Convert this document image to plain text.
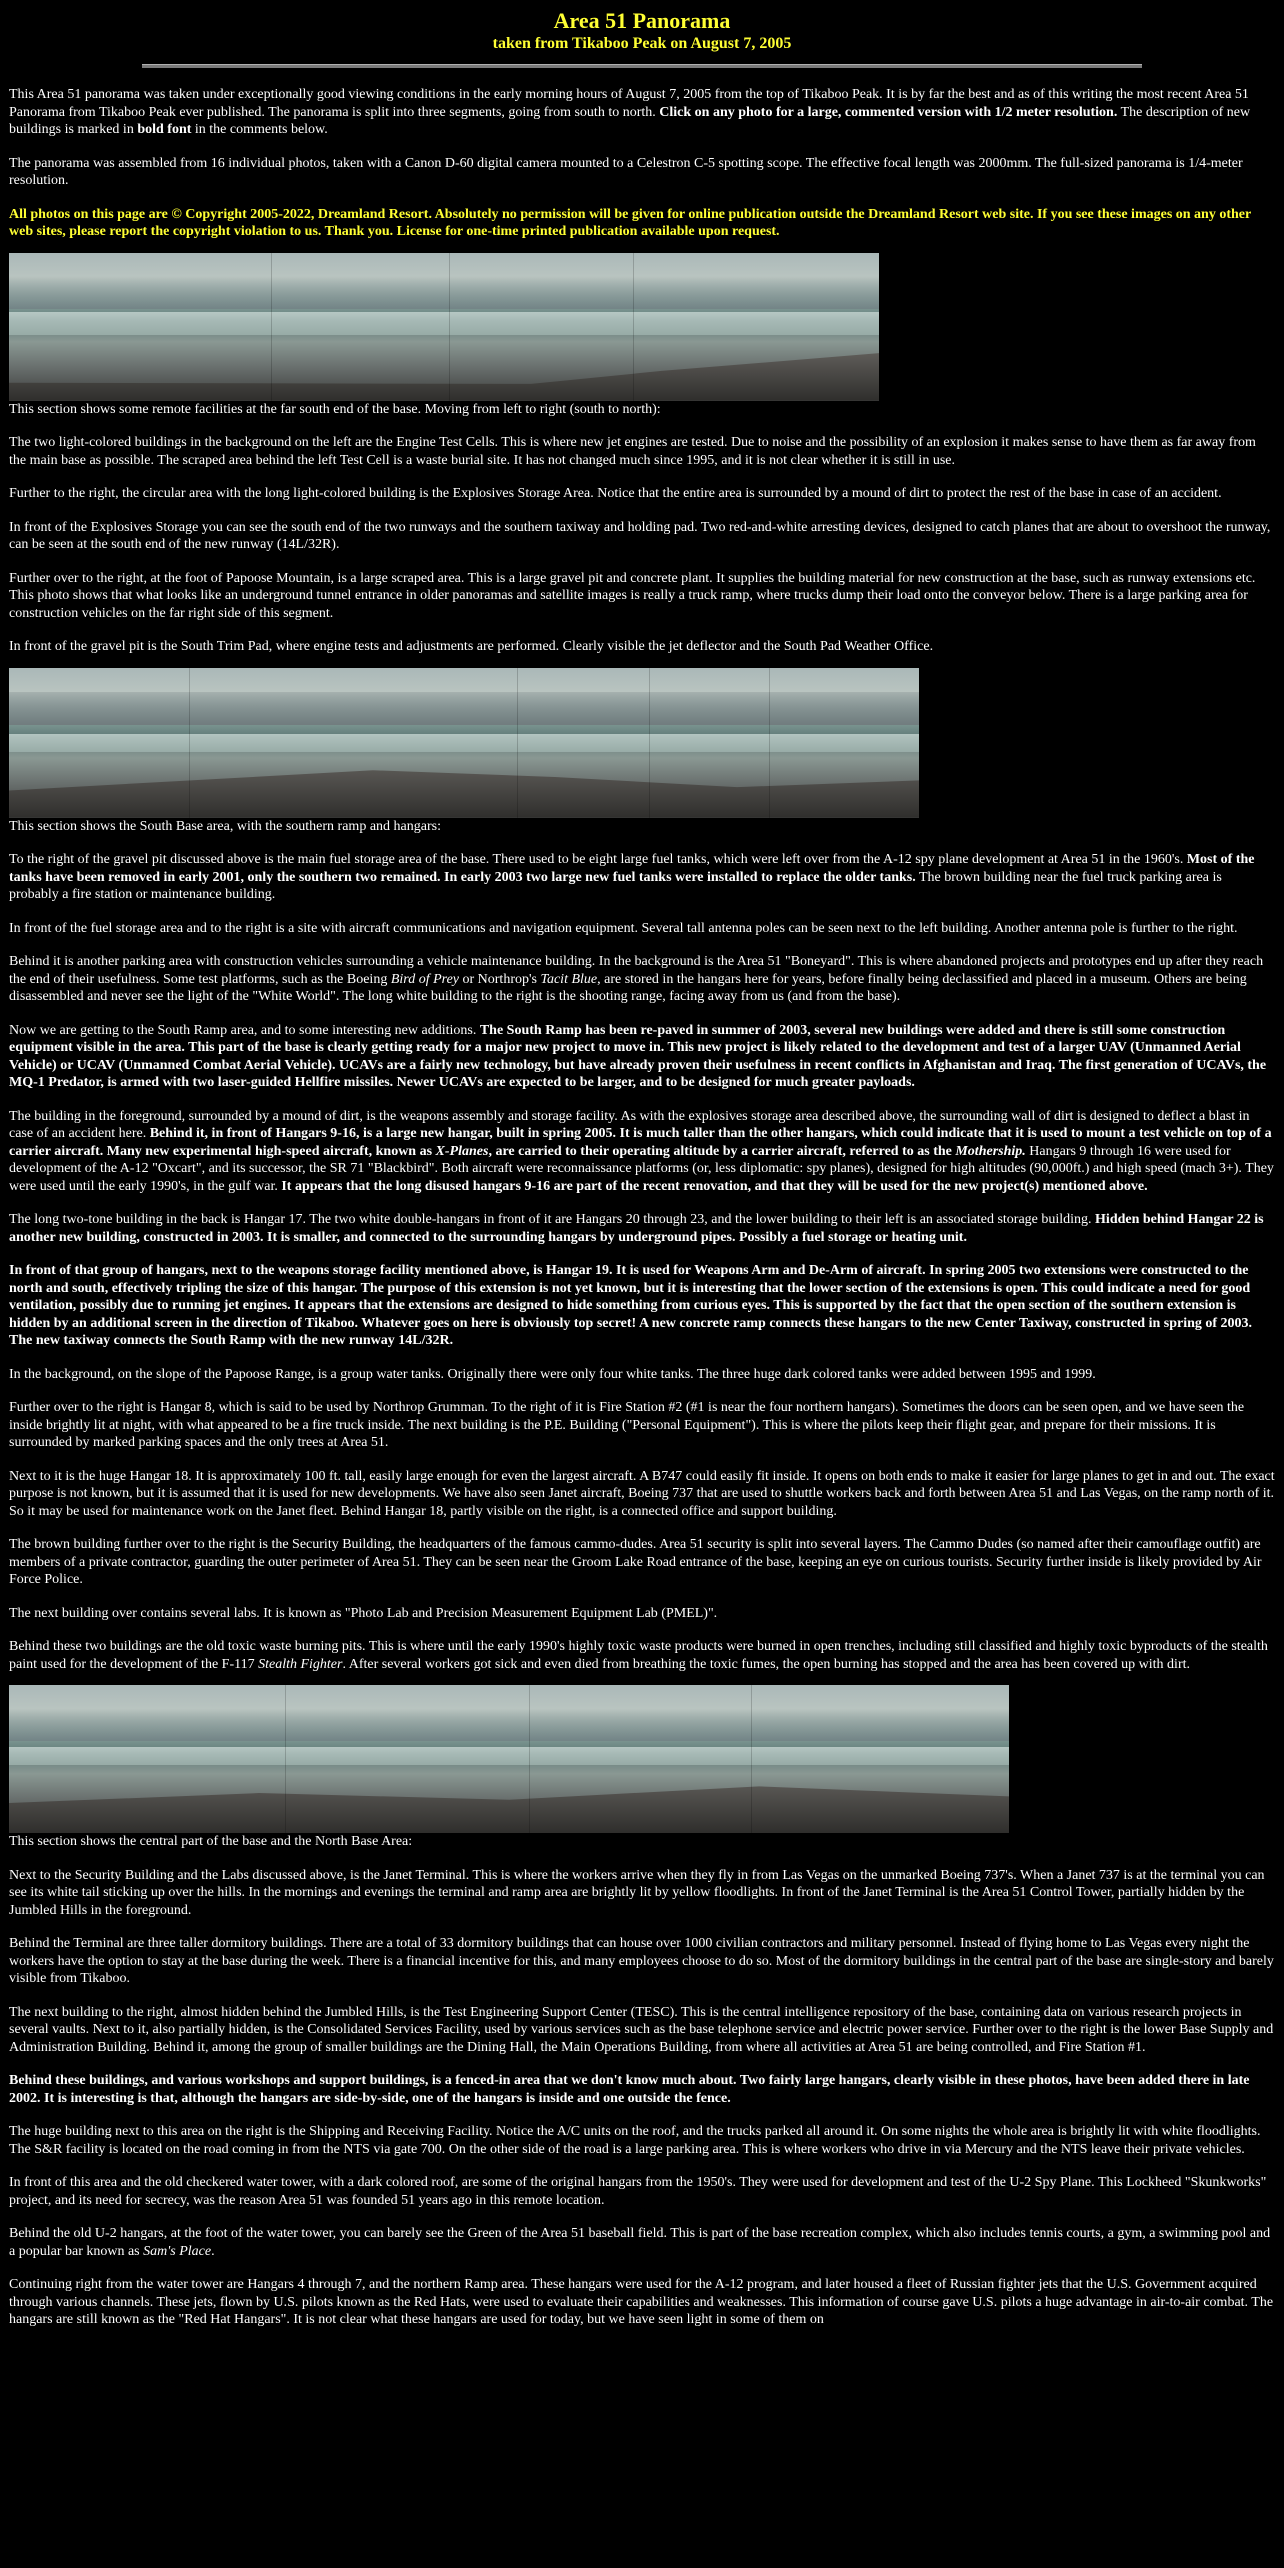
Area 51 Panorama
taken from Tikaboo Peak on August 7, 2005

This Area 51 panorama was taken under exceptionally good viewing conditions in the early morning hours of August 7, 2005 from the top of Tikaboo Peak. It is by far the best and as of this writing the most recent Area 51 Panorama from Tikaboo Peak ever published. The panorama is split into three segments, going from south to north. Click on any photo for a large, commented version with 1/2 meter resolution. The description of new buildings is marked in bold font in the comments below.

The panorama was assembled from 16 individual photos, taken with a Canon D-60 digital camera mounted to a Celestron C-5 spotting scope. The effective focal length was 2000mm. The full-sized panorama is 1/4-meter resolution.

All photos on this page are © Copyright 2005-2022, Dreamland Resort. Absolutely no permission will be given for online publication outside the Dreamland Resort web site. If you see these images on any other web sites, please report the copyright violation to us. Thank you. License for one-time printed publication available upon request.

This section shows some remote facilities at the far south end of the base. Moving from left to right (south to north):

The two light-colored buildings in the background on the left are the Engine Test Cells. This is where new jet engines are tested. Due to noise and the possibility of an explosion it makes sense to have them as far away from the main base as possible. The scraped area behind the left Test Cell is a waste burial site. It has not changed much since 1995, and it is not clear whether it is still in use.

Further to the right, the circular area with the long light-colored building is the Explosives Storage Area. Notice that the entire area is surrounded by a mound of dirt to protect the rest of the base in case of an accident.

In front of the Explosives Storage you can see the south end of the two runways and the southern taxiway and holding pad. Two red-and-white arresting devices, designed to catch planes that are about to overshoot the runway, can be seen at the south end of the new runway (14L/32R).

Further over to the right, at the foot of Papoose Mountain, is a large scraped area. This is a large gravel pit and concrete plant. It supplies the building material for new construction at the base, such as runway extensions etc. This photo shows that what looks like an underground tunnel entrance in older panoramas and satellite images is really a truck ramp, where trucks dump their load onto the conveyor below. There is a large parking area for construction vehicles on the far right side of this segment.

In front of the gravel pit is the South Trim Pad, where engine tests and adjustments are performed. Clearly visible the jet deflector and the South Pad Weather Office.

This section shows the South Base area, with the southern ramp and hangars:

To the right of the gravel pit discussed above is the main fuel storage area of the base. There used to be eight large fuel tanks, which were left over from the A-12 spy plane development at Area 51 in the 1960's. Most of the tanks have been removed in early 2001, only the southern two remained. In early 2003 two large new fuel tanks were installed to replace the older tanks. The brown building near the fuel truck parking area is probably a fire station or maintenance building.

In front of the fuel storage area and to the right is a site with aircraft communications and navigation equipment. Several tall antenna poles can be seen next to the left building. Another antenna pole is further to the right.

Behind it is another parking area with construction vehicles surrounding a vehicle maintenance building. In the background is the Area 51 "Boneyard". This is where abandoned projects and prototypes end up after they reach the end of their usefulness. Some test platforms, such as the Boeing Bird of Prey or Northrop's Tacit Blue, are stored in the hangars here for years, before finally being declassified and placed in a museum. Others are being disassembled and never see the light of the "White World". The long white building to the right is the shooting range, facing away from us (and from the base).

Now we are getting to the South Ramp area, and to some interesting new additions. The South Ramp has been re-paved in summer of 2003, several new buildings were added and there is still some construction equipment visible in the area. This part of the base is clearly getting ready for a major new project to move in. This new project is likely related to the development and test of a larger UAV (Unmanned Aerial Vehicle) or UCAV (Unmanned Combat Aerial Vehicle). UCAVs are a fairly new technology, but have already proven their usefulness in recent conflicts in Afghanistan and Iraq. The first generation of UCAVs, the MQ-1 Predator, is armed with two laser-guided Hellfire missiles. Newer UCAVs are expected to be larger, and to be designed for much greater payloads.

The building in the foreground, surrounded by a mound of dirt, is the weapons assembly and storage facility. As with the explosives storage area described above, the surrounding wall of dirt is designed to deflect a blast in case of an accident here. Behind it, in front of Hangars 9-16, is a large new hangar, built in spring 2005. It is much taller than the other hangars, which could indicate that it is used to mount a test vehicle on top of a carrier aircraft. Many new experimental high-speed aircraft, known as X-Planes, are carried to their operating altitude by a carrier aircraft, referred to as the Mothership. Hangars 9 through 16 were used for development of the A-12 "Oxcart", and its successor, the SR 71 "Blackbird". Both aircraft were reconnaissance platforms (or, less diplomatic: spy planes), designed for high altitudes (90,000ft.) and high speed (mach 3+). They were used until the early 1990's, in the gulf war. It appears that the long disused hangars 9-16 are part of the recent renovation, and that they will be used for the new project(s) mentioned above.

The long two-tone building in the back is Hangar 17. The two white double-hangars in front of it are Hangars 20 through 23, and the lower building to their left is an associated storage building. Hidden behind Hangar 22 is another new building, constructed in 2003. It is smaller, and connected to the surrounding hangars by underground pipes. Possibly a fuel storage or heating unit.

In front of that group of hangars, next to the weapons storage facility mentioned above, is Hangar 19. It is used for Weapons Arm and De-Arm of aircraft. In spring 2005 two extensions were constructed to the north and south, effectively tripling the size of this hangar. The purpose of this extension is not yet known, but it is interesting that the lower section of the extensions is open. This could indicate a need for good ventilation, possibly due to running jet engines. It appears that the extensions are designed to hide something from curious eyes. This is supported by the fact that the open section of the southern extension is hidden by an additional screen in the direction of Tikaboo. Whatever goes on here is obviously top secret! A new concrete ramp connects these hangars to the new Center Taxiway, constructed in spring of 2003. The new taxiway connects the South Ramp with the new runway 14L/32R.

In the background, on the slope of the Papoose Range, is a group water tanks. Originally there were only four white tanks. The three huge dark colored tanks were added between 1995 and 1999.

Further over to the right is Hangar 8, which is said to be used by Northrop Grumman. To the right of it is Fire Station #2 (#1 is near the four northern hangars). Sometimes the doors can be seen open, and we have seen the inside brightly lit at night, with what appeared to be a fire truck inside. The next building is the P.E. Building ("Personal Equipment"). This is where the pilots keep their flight gear, and prepare for their missions. It is surrounded by marked parking spaces and the only trees at Area 51.

Next to it is the huge Hangar 18. It is approximately 100 ft. tall, easily large enough for even the largest aircraft. A B747 could easily fit inside. It opens on both ends to make it easier for large planes to get in and out. The exact purpose is not known, but it is assumed that it is used for new developments. We have also seen Janet aircraft, Boeing 737 that are used to shuttle workers back and forth between Area 51 and Las Vegas, on the ramp north of it. So it may be used for maintenance work on the Janet fleet. Behind Hangar 18, partly visible on the right, is a connected office and support building.

The brown building further over to the right is the Security Building, the headquarters of the famous cammo-dudes. Area 51 security is split into several layers. The Cammo Dudes (so named after their camouflage outfit) are members of a private contractor, guarding the outer perimeter of Area 51. They can be seen near the Groom Lake Road entrance of the base, keeping an eye on curious tourists. Security further inside is likely provided by Air Force Police.

The next building over contains several labs. It is known as "Photo Lab and Precision Measurement Equipment Lab (PMEL)".

Behind these two buildings are the old toxic waste burning pits. This is where until the early 1990's highly toxic waste products were burned in open trenches, including still classified and highly toxic byproducts of the stealth paint used for the development of the F-117 Stealth Fighter. After several workers got sick and even died from breathing the toxic fumes, the open burning has stopped and the area has been covered up with dirt.

This section shows the central part of the base and the North Base Area:

Next to the Security Building and the Labs discussed above, is the Janet Terminal. This is where the workers arrive when they fly in from Las Vegas on the unmarked Boeing 737's. When a Janet 737 is at the terminal you can see its white tail sticking up over the hills. In the mornings and evenings the terminal and ramp area are brightly lit by yellow floodlights. In front of the Janet Terminal is the Area 51 Control Tower, partially hidden by the Jumbled Hills in the foreground.

Behind the Terminal are three taller dormitory buildings. There are a total of 33 dormitory buildings that can house over 1000 civilian contractors and military personnel. Instead of flying home to Las Vegas every night the workers have the option to stay at the base during the week. There is a financial incentive for this, and many employees choose to do so. Most of the dormitory buildings in the central part of the base are single-story and barely visible from Tikaboo.

The next building to the right, almost hidden behind the Jumbled Hills, is the Test Engineering Support Center (TESC). This is the central intelligence repository of the base, containing data on various research projects in several vaults. Next to it, also partially hidden, is the Consolidated Services Facility, used by various services such as the base telephone service and electric power service. Further over to the right is the lower Base Supply and Administration Building. Behind it, among the group of smaller buildings are the Dining Hall, the Main Operations Building, from where all activities at Area 51 are being controlled, and Fire Station #1.

Behind these buildings, and various workshops and support buildings, is a fenced-in area that we don't know much about. Two fairly large hangars, clearly visible in these photos, have been added there in late 2002. It is interesting is that, although the hangars are side-by-side, one of the hangars is inside and one outside the fence.

The huge building next to this area on the right is the Shipping and Receiving Facility. Notice the A/C units on the roof, and the trucks parked all around it. On some nights the whole area is brightly lit with white floodlights. The S&R facility is located on the road coming in from the NTS via gate 700. On the other side of the road is a large parking area. This is where workers who drive in via Mercury and the NTS leave their private vehicles.

In front of this area and the old checkered water tower, with a dark colored roof, are some of the original hangars from the 1950's. They were used for development and test of the U-2 Spy Plane. This Lockheed "Skunkworks" project, and its need for secrecy, was the reason Area 51 was founded 51 years ago in this remote location.

Behind the old U-2 hangars, at the foot of the water tower, you can barely see the Green of the Area 51 baseball field. This is part of the base recreation complex, which also includes tennis courts, a gym, a swimming pool and a popular bar known as Sam's Place.

Continuing right from the water tower are Hangars 4 through 7, and the northern Ramp area. These hangars were used for the A-12 program, and later housed a fleet of Russian fighter jets that the U.S. Government acquired through various channels. These jets, flown by U.S. pilots known as the Red Hats, were used to evaluate their capabilities and weaknesses. This information of course gave U.S. pilots a huge advantage in air-to-air combat. The hangars are still known as the "Red Hat Hangars". It is not clear what these hangars are used for today, but we have seen light in some of them on
